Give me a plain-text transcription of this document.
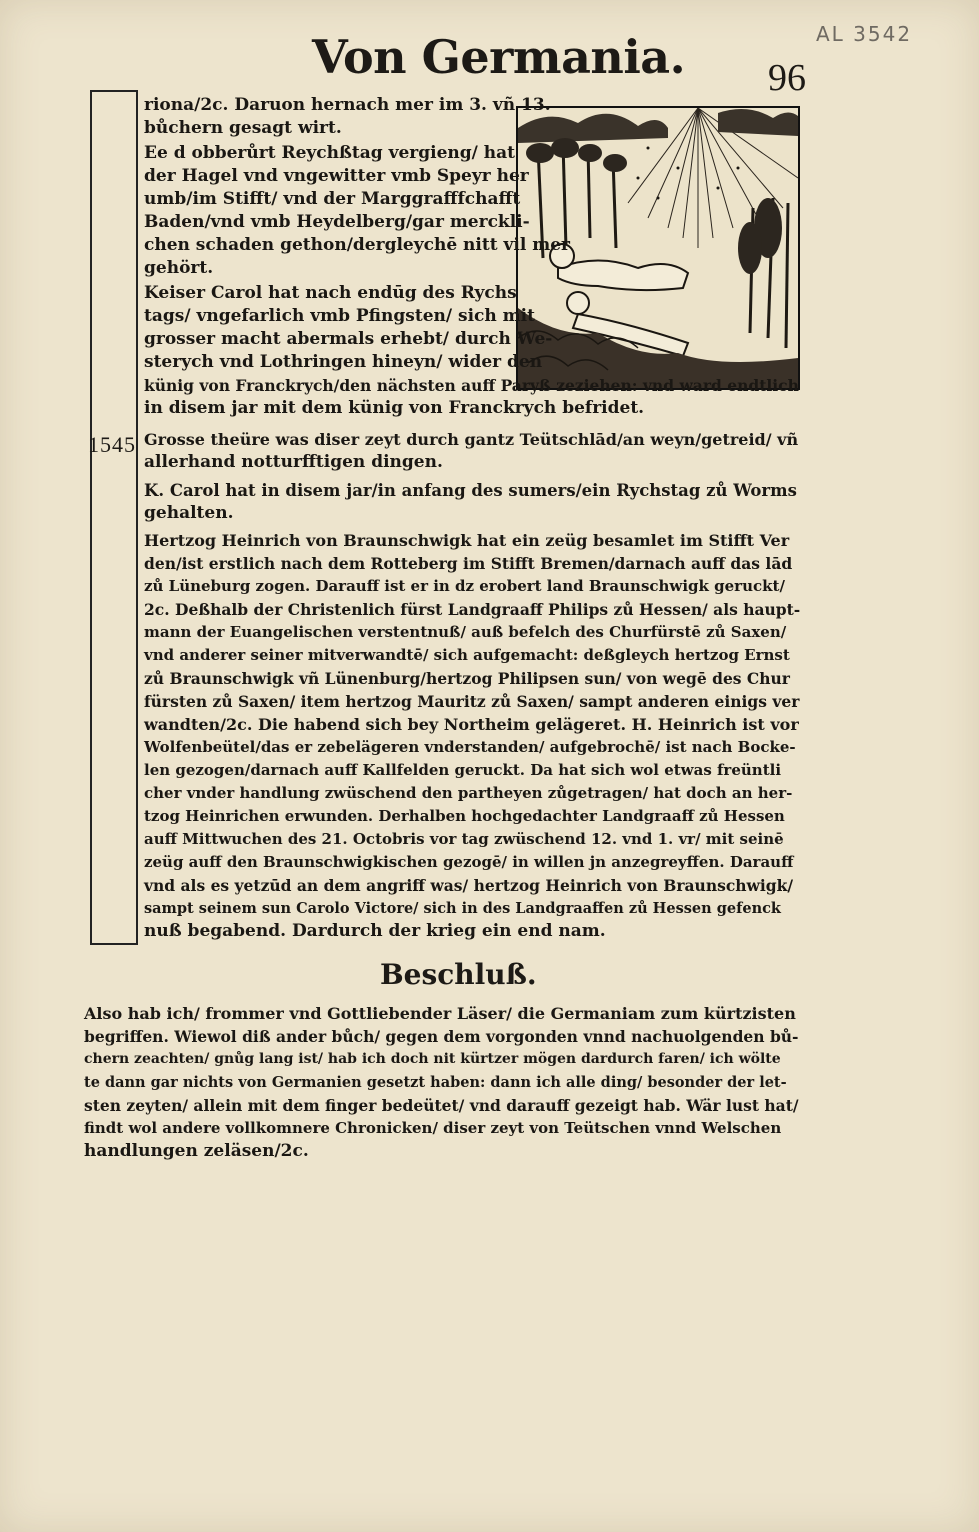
AL 3542
Von Germania. 96
1545
riona/2c. Daruon hernach mer im 3. vñ 13.
bůchern gesagt wirt.
Ee d obberůrt Reychßtag vergieng/ hat
der Hagel vnd vngewitter vmb Speyr her
umb/im Stifft/ vnd der Marggrafffchafft
Baden/vnd vmb Heydelberg/gar merckli-
chen schaden gethon/dergleychē nitt vil mer
gehört.
Keiser Carol hat nach endūg des Rychs
tags/ vngefarlich vmb Pfingsten/ sich mit
grosser macht abermals erhebt/ durch We-
sterych vnd Lothringen hineyn/ wider den
künig von Franckrych/den nächsten auff Paryß zeziehen: vnd ward endtlich
in disem jar mit dem künig von Franckrych befridet.
Grosse theüre was diser zeyt durch gantz Teütschlād/an weyn/getreid/ vñ
allerhand notturfftigen dingen.
K. Carol hat in disem jar/in anfang des sumers/ein Rychstag zů Worms
gehalten.
Hertzog Heinrich von Braunschwigk hat ein zeüg besamlet im Stifft Ver
den/ist erstlich nach dem Rotteberg im Stifft Bremen/darnach auff das lād
zů Lüneburg zogen. Darauff ist er in dz erobert land Braunschwigk geruckt/
2c. Deßhalb der Christenlich fürst Landgraaff Philips zů Hessen/ als haupt-
mann der Euangelischen verstentnuß/ auß befelch des Churfürstē zů Saxen/
vnd anderer seiner mitverwandtē/ sich aufgemacht: deßgleych hertzog Ernst
zů Braunschwigk vñ Lünenburg/hertzog Philipsen sun/ von wegē des Chur
fürsten zů Saxen/ item hertzog Mauritz zů Saxen/ sampt anderen einigs ver
wandten/2c. Die habend sich bey Northeim gelägeret. H. Heinrich ist vor
Wolfenbeütel/das er zebelägeren vnderstanden/ aufgebrochē/ ist nach Bocke-
len gezogen/darnach auff Kallfelden geruckt. Da hat sich wol etwas freüntli
cher vnder handlung zwüschend den partheyen zůgetragen/ hat doch an her-
tzog Heinrichen erwunden. Derhalben hochgedachter Landgraaff zů Hessen
auff Mittwuchen des 21. Octobris vor tag zwüschend 12. vnd 1. vr/ mit seinē
zeüg auff den Braunschwigkischen gezogē/ in willen jn anzegreyffen. Darauff
vnd als es yetzūd an dem angriff was/ hertzog Heinrich von Braunschwigk/
sampt seinem sun Carolo Victore/ sich in des Landgraaffen zů Hessen gefenck
nuß begabend. Dardurch der krieg ein end nam.
Beschluß.
Also hab ich/ frommer vnd Gottliebender Läser/ die Germaniam zum kürtzisten
begriffen. Wiewol diß ander bůch/ gegen dem vorgonden vnnd nachuolgenden bů-
chern zeachten/ gnůg lang ist/ hab ich doch nit kürtzer mögen dardurch faren/ ich wölte
te dann gar nichts von Germanien gesetzt haben: dann ich alle ding/ besonder der let-
sten zeyten/ allein mit dem finger bedeütet/ vnd darauff gezeigt hab. Wär lust hat/
findt wol andere vollkomnere Chronicken/ diser zeyt von Teütschen vnnd Welschen
handlungen zeläsen/2c.
